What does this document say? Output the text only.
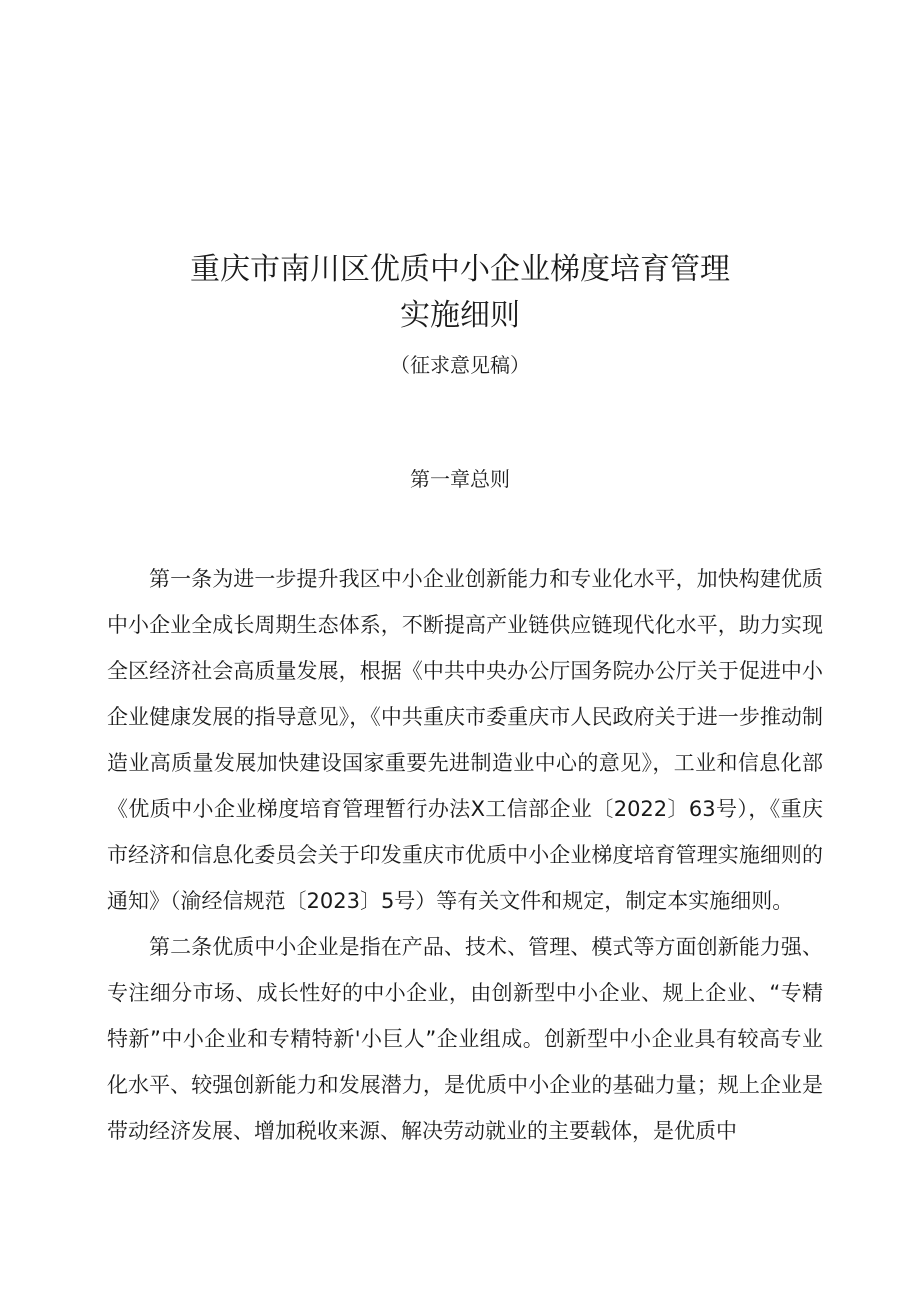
重庆市南川区优质中小企业梯度培育管理
实施细则
（征求意见稿）
第一章总则

第一条为进一步提升我区中小企业创新能力和专业化水平，加快构建优质中小企业全成长周期生态体系，不断提高产业链供应链现代化水平，助力实现全区经济社会高质量发展，根据《中共中央办公厅国务院办公厅关于促进中小企业健康发展的指导意见》，《中共重庆市委重庆市人民政府关于进一步推动制造业高质量发展加快建设国家重要先进制造业中心的意见》，工业和信息化部《优质中小企业梯度培育管理暂行办法X工信部企业〔2022〕63号），《重庆市经济和信息化委员会关于印发重庆市优质中小企业梯度培育管理实施细则的通知》（渝经信规范〔2023〕5号）等有关文件和规定，制定本实施细则。

第二条优质中小企业是指在产品、技术、管理、模式等方面创新能力强、专注细分市场、成长性好的中小企业，由创新型中小企业、规上企业、“专精特新”中小企业和专精特新'小巨人”企业组成。创新型中小企业具有较高专业化水平、较强创新能力和发展潜力，是优质中小企业的基础力量；规上企业是带动经济发展、增加税收来源、解决劳动就业的主要载体，是优质中
